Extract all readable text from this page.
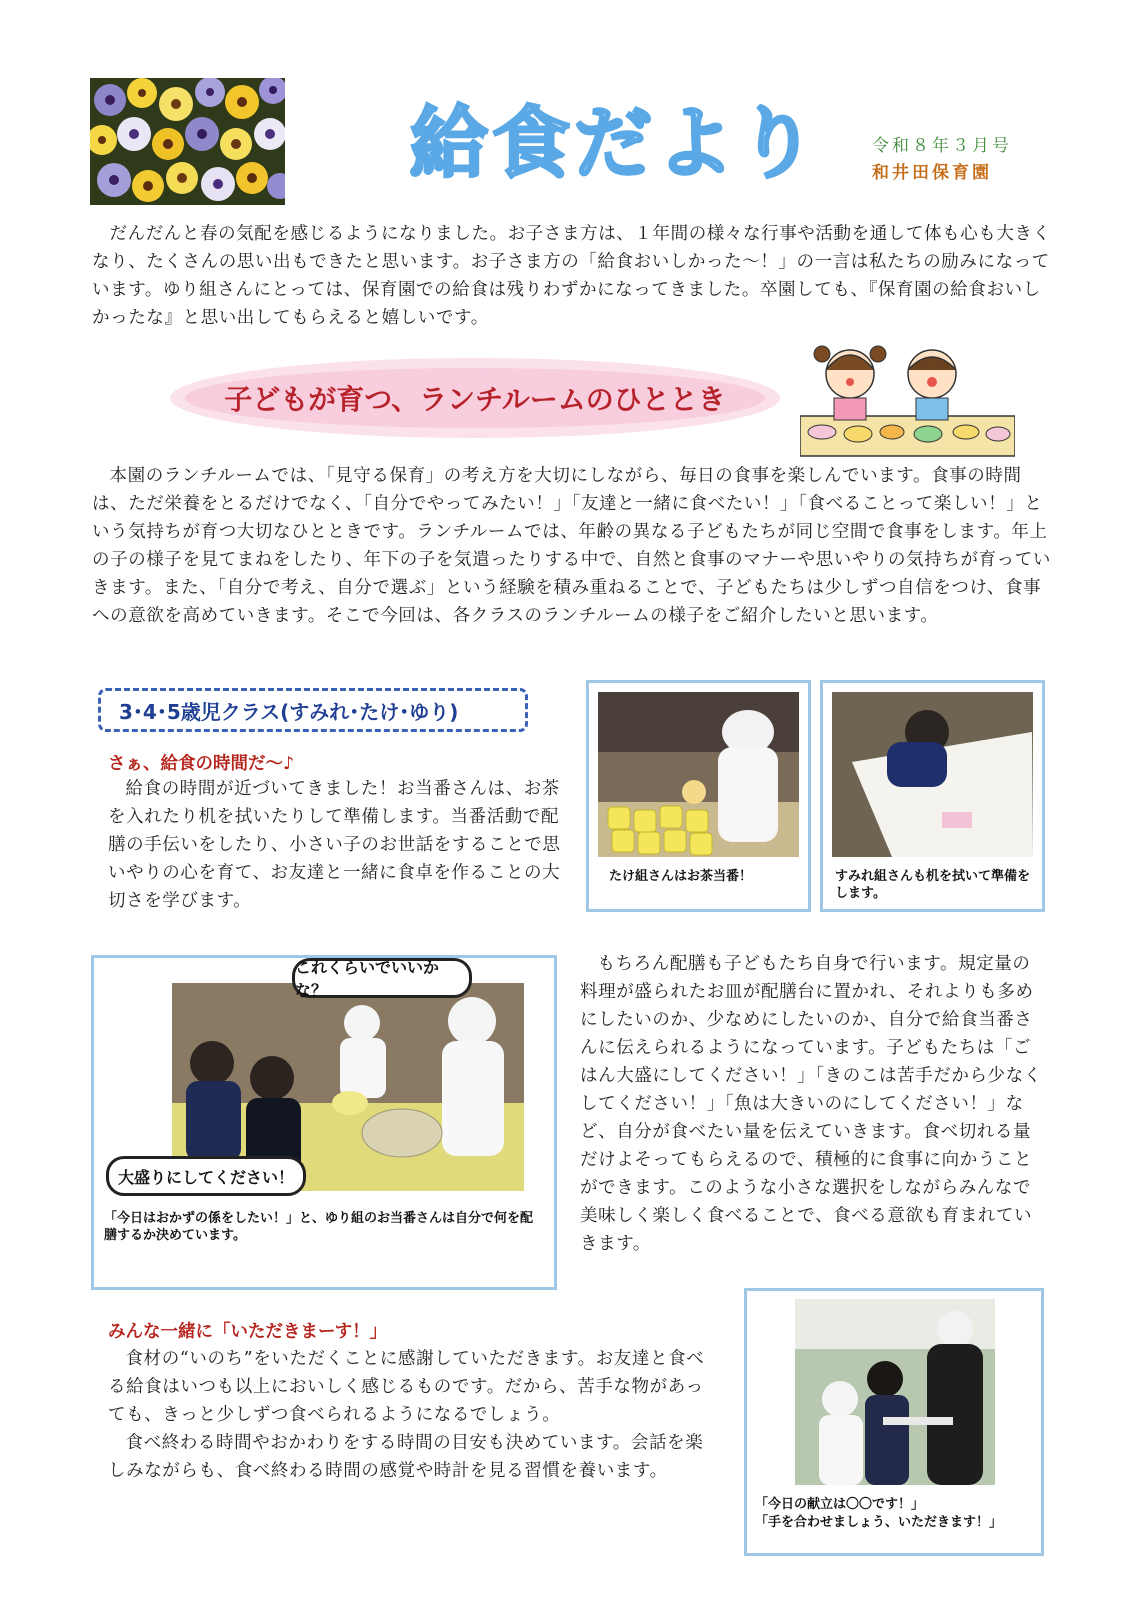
給食だより	令和８年３月号
和井田保育園

だんだんと春の気配を感じるようになりました。お子さま方は、１年間の様々な行事や活動を通して体も心も大きくなり、たくさんの思い出もできたと思います。お子さま方の「給食おいしかった～！」の一言は私たちの励みになっています。ゆり組さんにとっては、保育園での給食は残りわずかになってきました。卒園しても、『保育園の給食おいしかったな』と思い出してもらえると嬉しいです。

子どもが育つ、ランチルームのひととき

本園のランチルームでは、「見守る保育」の考え方を大切にしながら、毎日の食事を楽しんでいます。食事の時間は、ただ栄養をとるだけでなく、「自分でやってみたい！」「友達と一緒に食べたい！」「食べることって楽しい！」という気持ちが育つ大切なひとときです。ランチルームでは、年齢の異なる子どもたちが同じ空間で食事をします。年上の子の様子を見てまねをしたり、年下の子を気遣ったりする中で、自然と食事のマナーや思いやりの気持ちが育っていきます。また、「自分で考え、自分で選ぶ」という経験を積み重ねることで、子どもたちは少しずつ自信をつけ、食事への意欲を高めていきます。そこで今回は、各クラスのランチルームの様子をご紹介したいと思います。

3･4･5歳児クラス(すみれ･たけ･ゆり)
さぁ、給食の時間だ～♪

給食の時間が近づいてきました！お当番さんは、お茶を入れたり机を拭いたりして準備します。当番活動で配膳の手伝いをしたり、小さい子のお世話をすることで思いやりの心を育て、お友達と一緒に食卓を作ることの大切さを学びます。

たけ組さんはお茶当番！	すみれ組さんも机を拭いて準備をします。
これくらいでいいかな？
大盛りにしてください！
「今日はおかずの係をしたい！」と、ゆり組のお当番さんは自分で何を配膳するか決めています。

もちろん配膳も子どもたち自身で行います。規定量の料理が盛られたお皿が配膳台に置かれ、それよりも多めにしたいのか、少なめにしたいのか、自分で給食当番さんに伝えられるようになっています。子どもたちは「ごはん大盛にしてください！」「きのこは苦手だから少なくしてください！」「魚は大きいのにしてください！」など、自分が食べたい量を伝えていきます。食べ切れる量だけよそってもらえるので、積極的に食事に向かうことができます。このような小さな選択をしながらみんなで美味しく楽しく食べることで、食べる意欲も育まれていきます。

みんな一緒に「いただきまーす！」

食材の“いのち”をいただくことに感謝していただきます。お友達と食べる給食はいつも以上においしく感じるものです。だから、苦手な物があっても、きっと少しずつ食べられるようになるでしょう。

食べ終わる時間やおかわりをする時間の目安も決めています。会話を楽しみながらも、食べ終わる時間の感覚や時計を見る習慣を養います。

「今日の献立は〇〇です！」
「手を合わせましょう、いただきます！」
